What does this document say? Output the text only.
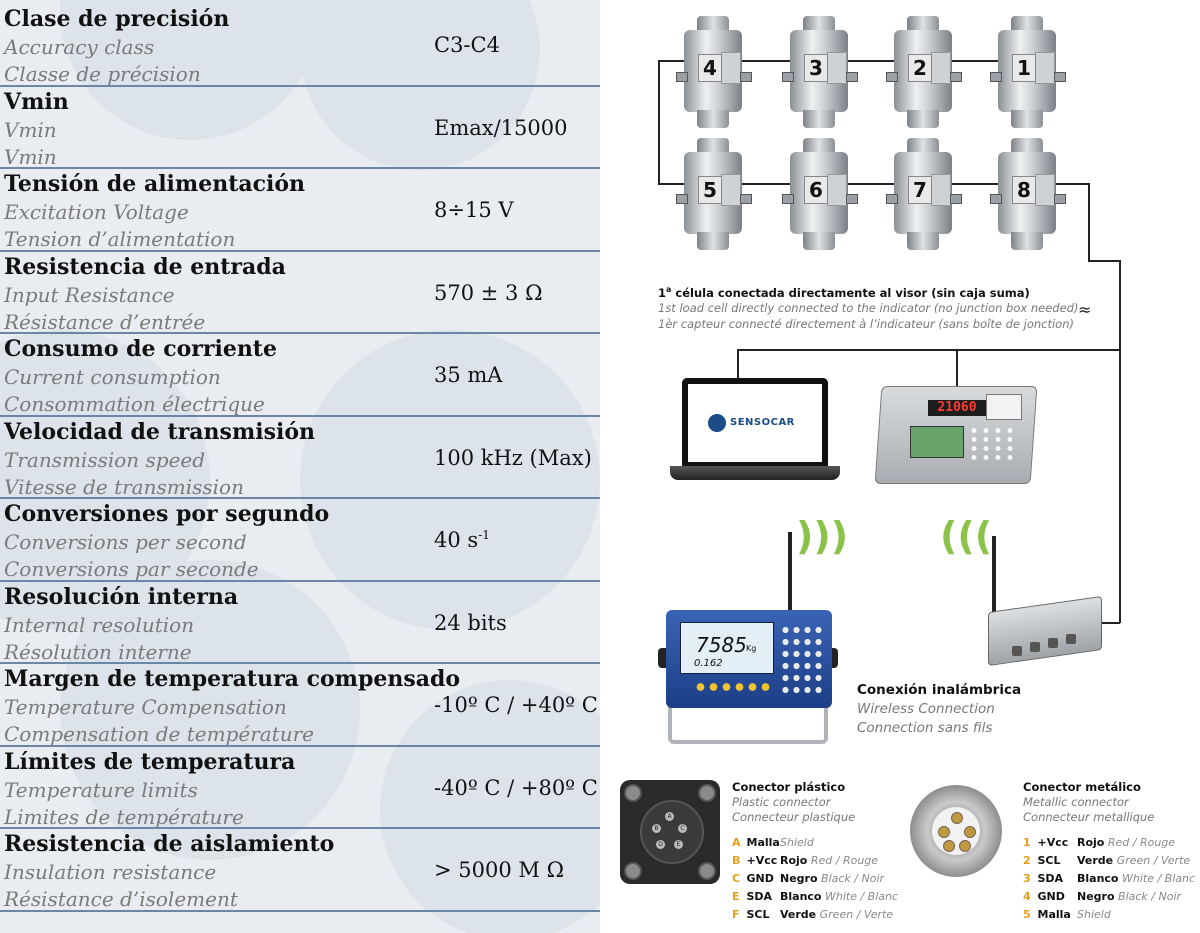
Clase de precisión
Accuracy class
Classe de précision
C3-C4
Vmin
Vmin
Vmin
Emax/15000
Tensión de alimentación
Excitation Voltage
Tension d’alimentation
8÷15 V
Resistencia de entrada
Input Resistance
Résistance d’entrée
570 ± 3 Ω
Consumo de corriente
Current consumption
Consommation électrique
35 mA
Velocidad de transmisión
Transmission speed
Vitesse de transmission
100 kHz (Max)
Conversiones por segundo
Conversions per second
Conversions par seconde
40 $s^{-1}$
Resolución interna
Internal resolution
Résolution interne
24 bits
Margen de temperatura compensado
Temperature Compensation
Compensation de température
-10º C / +40º C
Límites de temperatura
Temperature limits
Limites de température
-40º C / +80º C
Resistencia de aislamiento
Insulation resistance
Résistance d’isolement
> 5000 M Ω
≈
$1^a$ célula conectada directamente al visor (sin caja suma)
1st load cell directly connected to the indicator (no junction box needed)
1èr capteur connecté directement à l’indicateur (sans boîte de jonction)
SENSOCAR
21060
))) (((
7585 Kg
0.162
Conexión inalámbrica
Wireless Connection
Connection sans fils
A
B	C
D	E
Conector plástico
Plastic connector
Connecteur plastique
A Malla Shield
B +Vcc Rojo Red / Rouge
C GND Negro Black / Noir
E SDA Blanco White / Blanc
F SCL Verde Green / Verte
Conector metálico
Metallic connector
Connecteur metallique
1 +Vcc Rojo Red / Rouge
2 SCL Verde Green / Verte
3 SDA Blanco White / Blanc
4 GND Negro Black / Noir
5 Malla Shield
4	3	2	1
5	6	7	8
